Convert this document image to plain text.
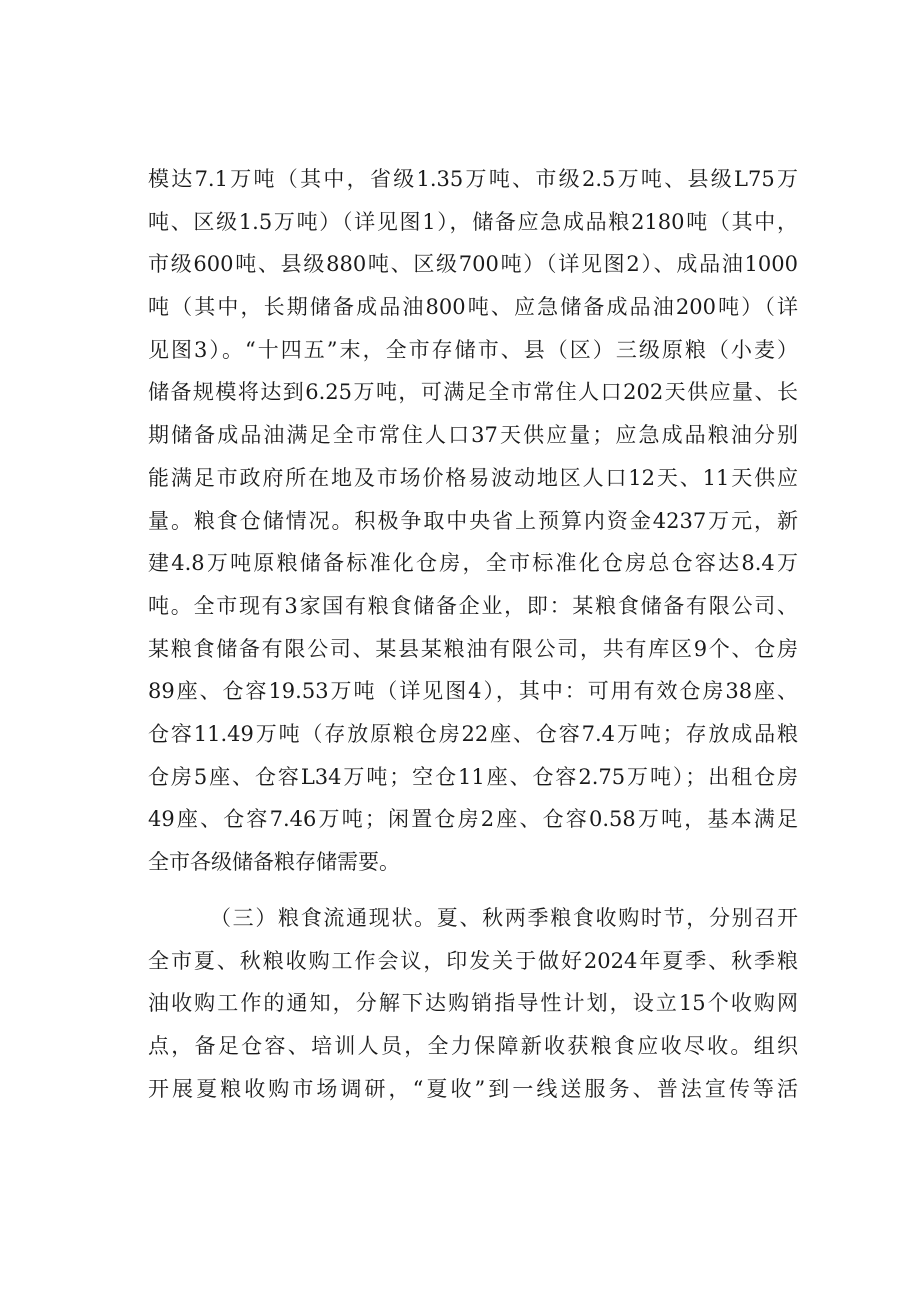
模达7.1万吨（其中，省级1.35万吨、市级2.5万吨、县级L75万
吨、区级1.5万吨）（详见图1），储备应急成品粮2180吨（其中，
市级600吨、县级880吨、区级700吨）（详见图2）、成品油1000
吨（其中，长期储备成品油800吨、应急储备成品油200吨）（详
见图3）。“十四五”末，全市存储市、县（区）三级原粮（小麦）
储备规模将达到6.25万吨，可满足全市常住人口202天供应量、长
期储备成品油满足全市常住人口37天供应量；应急成品粮油分别
能满足市政府所在地及市场价格易波动地区人口12天、11天供应
量。粮食仓储情况。积极争取中央省上预算内资金4237万元，新
建4.8万吨原粮储备标准化仓房，全市标准化仓房总仓容达8.4万
吨。全市现有3家国有粮食储备企业，即：某粮食储备有限公司、
某粮食储备有限公司、某县某粮油有限公司，共有库区9个、仓房
89座、仓容19.53万吨（详见图4），其中：可用有效仓房38座、
仓容11.49万吨（存放原粮仓房22座、仓容7.4万吨；存放成品粮
仓房5座、仓容L34万吨；空仓11座、仓容2.75万吨）；出租仓房
49座、仓容7.46万吨；闲置仓房2座、仓容0.58万吨，基本满足
全市各级储备粮存储需要。
（三）粮食流通现状。夏、秋两季粮食收购时节，分别召开
全市夏、秋粮收购工作会议，印发关于做好2024年夏季、秋季粮
油收购工作的通知，分解下达购销指导性计划，设立15个收购网
点，备足仓容、培训人员，全力保障新收获粮食应收尽收。组织
开展夏粮收购市场调研，“夏收”到一线送服务、普法宣传等活
